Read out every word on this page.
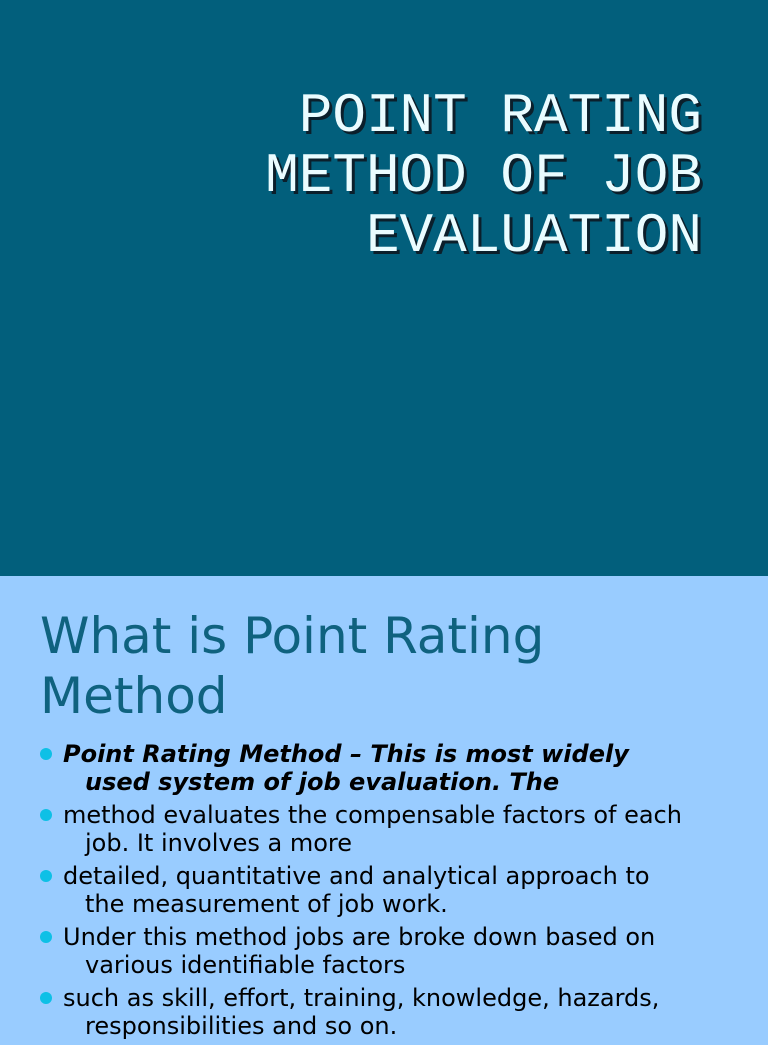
POINT RATING
METHOD OF JOB
EVALUATION
What is Point Rating
Method
Point Rating Method – This is most widely
used system of job evaluation. The
method evaluates the compensable factors of each
job. It involves a more
detailed, quantitative and analytical approach to
the measurement of job work.
Under this method jobs are broke down based on
various identifiable factors
such as skill, effort, training, knowledge, hazards,
responsibilities and so on.
